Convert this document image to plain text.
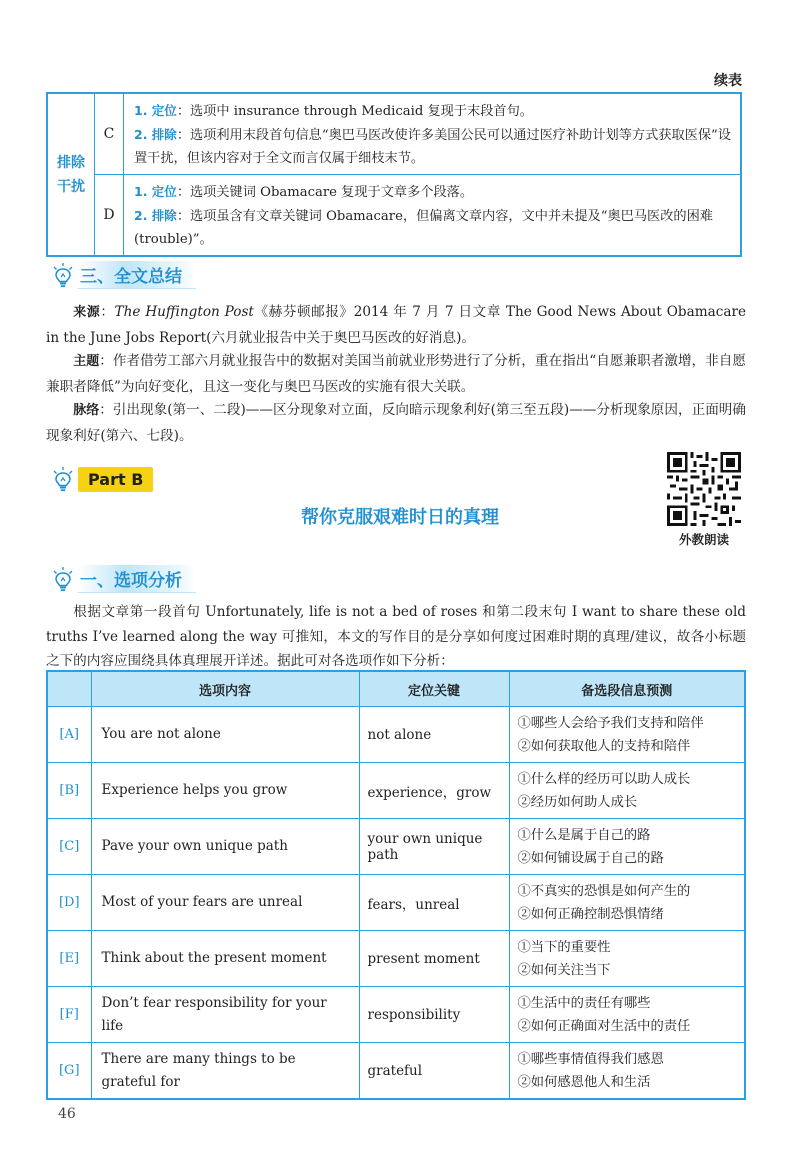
续表
排除干扰	C	1. 定位：选项中 insurance through Medicaid 复现于末段首句。
2. 排除：选项利用末段首句信息“奥巴马医改使许多美国公民可以通过医疗补助计划等方式获取医保”设置干扰，但该内容对于全文而言仅属于细枝末节。

	D	1. 定位：选项关键词 Obamacare 复现于文章多个段落。
2. 排除：选项虽含有文章关键词 Obamacare，但偏离文章内容，文中并未提及“奥巴马医改的困难(trouble)”。
三、全文总结
来源：The Huffington Post《赫芬顿邮报》2014 年 7 月 7 日文章 The Good News About Obamacare in the June Jobs Report(六月就业报告中关于奥巴马医改的好消息)。
主题：作者借劳工部六月就业报告中的数据对美国当前就业形势进行了分析，重在指出“自愿兼职者激增，非自愿兼职者降低”为向好变化，且这一变化与奥巴马医改的实施有很大关联。
脉络：引出现象(第一、二段)——区分现象对立面，反向暗示现象利好(第三至五段)——分析现象原因，正面明确现象利好(第六、七段)。
Part B
帮你克服艰难时日的真理
外教朗读
一、选项分析
根据文章第一段首句 Unfortunately, life is not a bed of roses 和第二段末句 I want to share these old truths I’ve learned along the way 可推知，本文的写作目的是分享如何度过困难时期的真理/建议，故各小标题之下的内容应围绕具体真理展开详述。据此可对各选项作如下分析：
	选项内容	定位关键	备选段信息预测
[A]	You are not alone	not alone	①哪些人会给予我们支持和陪伴
②如何获取他人的支持和陪伴

[B]	Experience helps you grow	experience，grow	①什么样的经历可以助人成长
②经历如何助人成长

[C]	Pave your own unique path	your own unique path	①什么是属于自己的路
②如何铺设属于自己的路

[D]	Most of your fears are unreal	fears，unreal	①不真实的恐惧是如何产生的
②如何正确控制恐惧情绪

[E]	Think about the present moment	present moment	①当下的重要性
②如何关注当下

[F]	Don’t fear responsibility for your life	responsibility	①生活中的责任有哪些
②如何正确面对生活中的责任

[G]	There are many things to be grateful for	grateful	①哪些事情值得我们感恩
②如何感恩他人和生活
46
